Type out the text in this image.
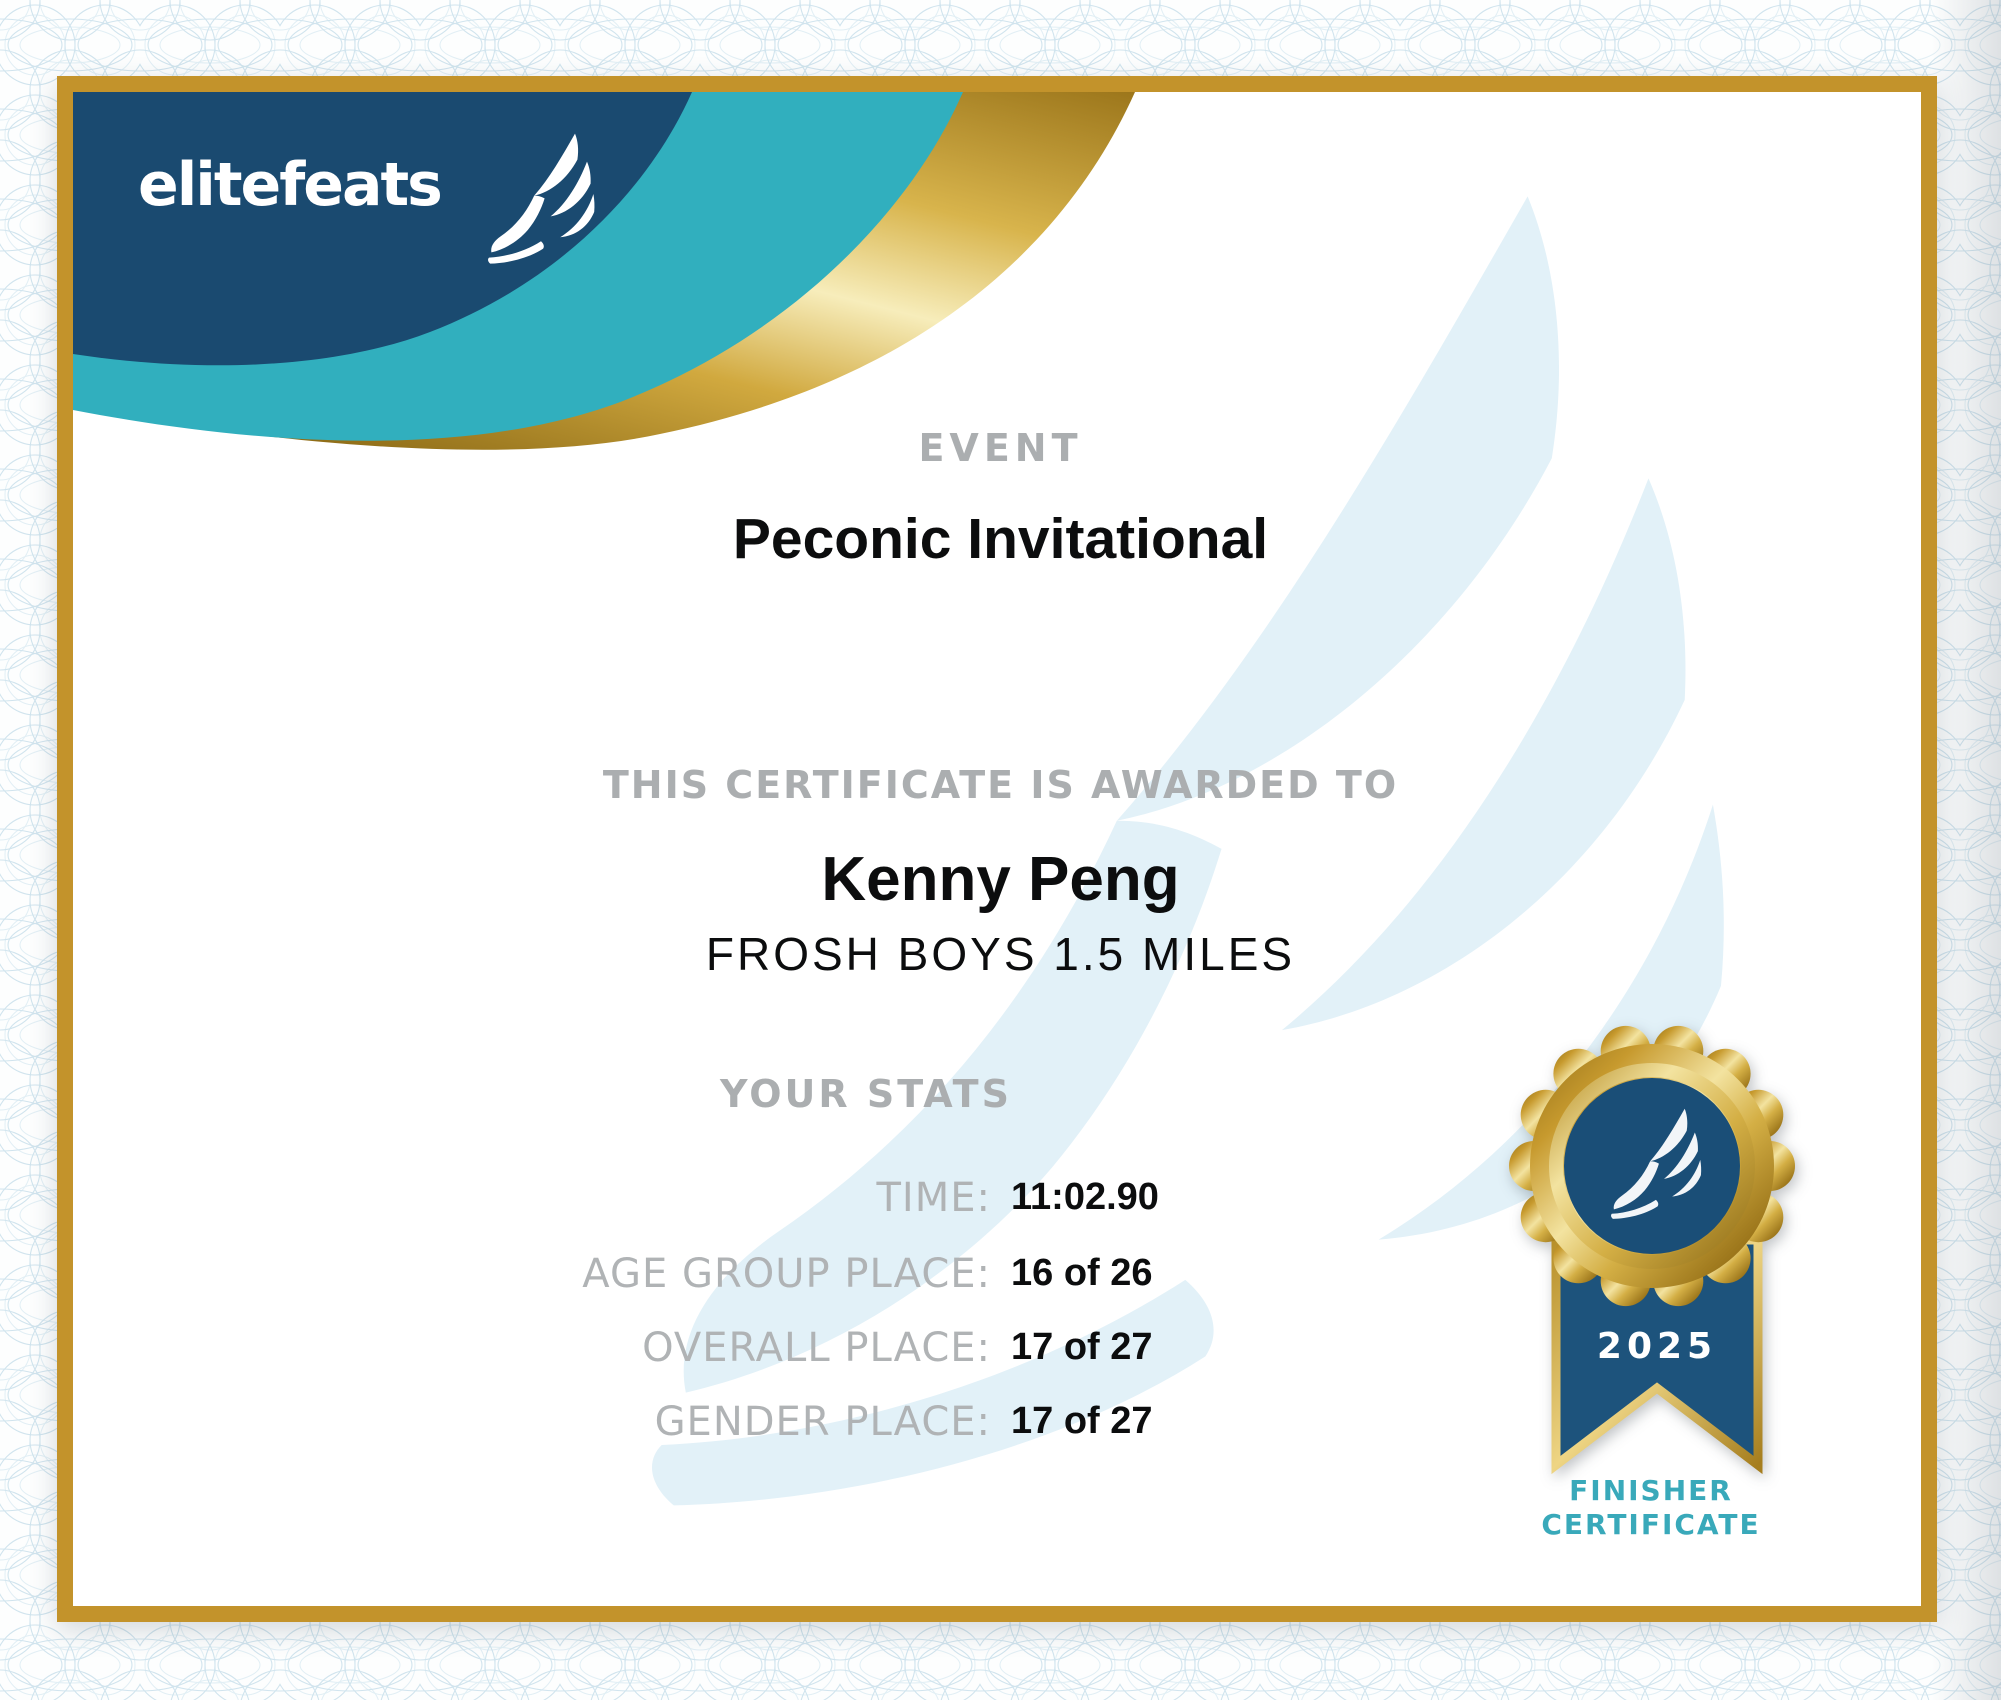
elitefeats
EVENT
Peconic Invitational
THIS CERTIFICATE IS AWARDED TO
Kenny Peng
FROSH BOYS 1.5 MILES
YOUR STATS
TIME: 11:02.90
AGE GROUP PLACE: 16 of 26
OVERALL PLACE: 17 of 27
GENDER PLACE: 17 of 27
2025
FINISHER
CERTIFICATE
